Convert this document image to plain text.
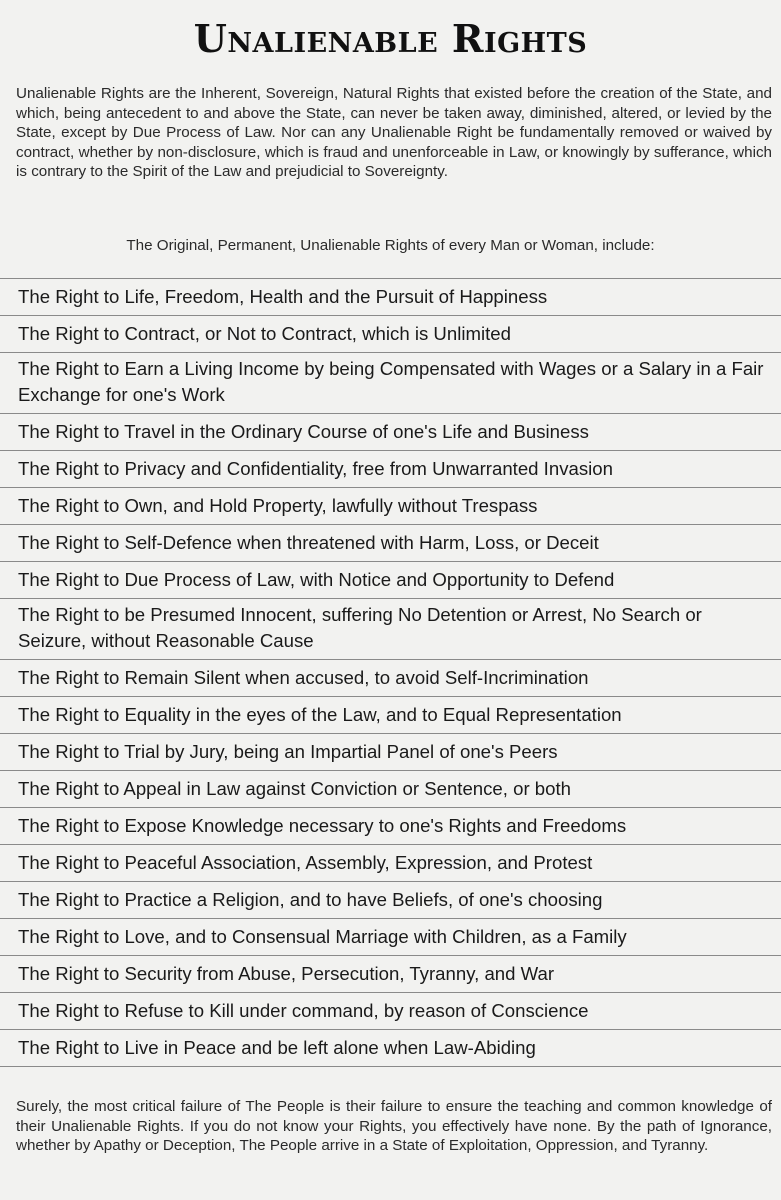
Unalienable Rights

Unalienable Rights are the Inherent, Sovereign, Natural Rights that existed before the creation of the State, and which, being antecedent to and above the State, can never be taken away, diminished, altered, or levied by the State, except by Due Process of Law. Nor can any Unalienable Right be fundamentally removed or waived by contract, whether by non-disclosure, which is fraud and unenforceable in Law, or knowingly by sufferance, which is contrary to the Spirit of the Law and prejudicial to Sovereignty.

The Original, Permanent, Unalienable Rights of every Man or Woman, include:

The Right to Life, Freedom, Health and the Pursuit of Happiness
The Right to Contract, or Not to Contract, which is Unlimited
The Right to Earn a Living Income by being Compensated with Wages or a Salary in a Fair Exchange for one's Work
The Right to Travel in the Ordinary Course of one's Life and Business
The Right to Privacy and Confidentiality, free from Unwarranted Invasion
The Right to Own, and Hold Property, lawfully without Trespass
The Right to Self-Defence when threatened with Harm, Loss, or Deceit
The Right to Due Process of Law, with Notice and Opportunity to Defend
The Right to be Presumed Innocent, suffering No Detention or Arrest, No Search or Seizure, without Reasonable Cause
The Right to Remain Silent when accused, to avoid Self-Incrimination
The Right to Equality in the eyes of the Law, and to Equal Representation
The Right to Trial by Jury, being an Impartial Panel of one's Peers
The Right to Appeal in Law against Conviction or Sentence, or both
The Right to Expose Knowledge necessary to one's Rights and Freedoms
The Right to Peaceful Association, Assembly, Expression, and Protest
The Right to Practice a Religion, and to have Beliefs, of one's choosing
The Right to Love, and to Consensual Marriage with Children, as a Family
The Right to Security from Abuse, Persecution, Tyranny, and War
The Right to Refuse to Kill under command, by reason of Conscience
The Right to Live in Peace and be left alone when Law-Abiding

Surely, the most critical failure of The People is their failure to ensure the teaching and common knowledge of their Unalienable Rights. If you do not know your Rights, you effectively have none. By the path of Ignorance, whether by Apathy or Deception, The People arrive in a State of Exploitation, Oppression, and Tyranny.
